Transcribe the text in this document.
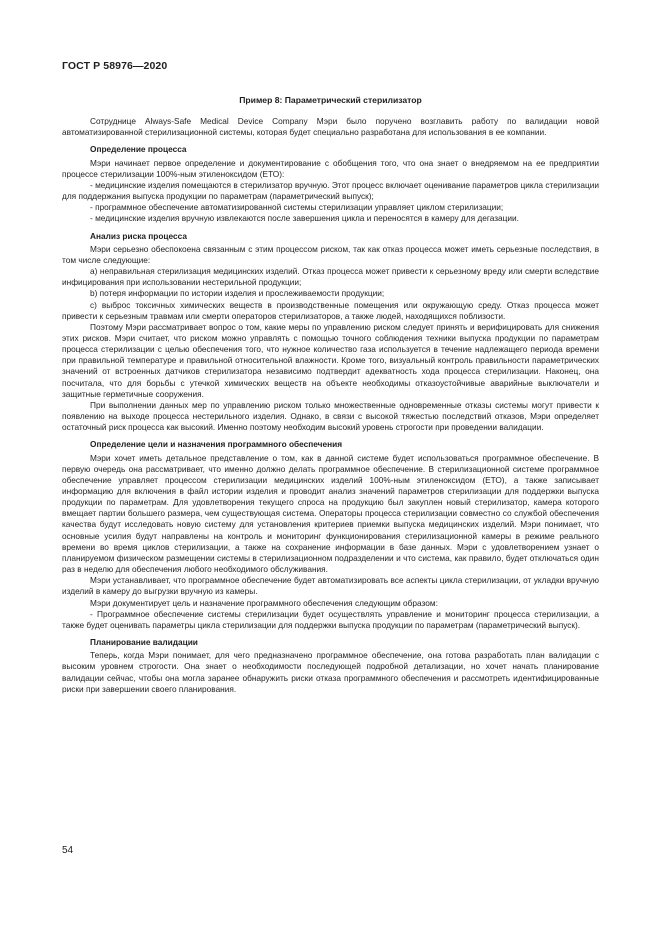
ГОСТ Р 58976—2020
Пример 8: Параметрический стерилизатор

Сотруднице Always-Safe Medical Device Company Мэри было поручено возглавить работу по валидации новой автоматизированной стерилизационной системы, которая будет специально разработана для использования в ее компании.

Определение процесса

Мэри начинает первое определение и документирование с обобщения того, что она знает о внедряемом на ее предприятии процессе стерилизации 100%-ным этиленоксидом (ЕТО):

- медицинские изделия помещаются в стерилизатор вручную. Этот процесс включает оценивание параметров цикла стерилизации для поддержания выпуска продукции по параметрам (параметрический выпуск);

- программное обеспечение автоматизированной системы стерилизации управляет циклом стерилизации;

- медицинские изделия вручную извлекаются после завершения цикла и переносятся в камеру для дегазации.

Анализ риска процесса

Мэри серьезно обеспокоена связанным с этим процессом риском, так как отказ процесса может иметь серьезные последствия, в том числе следующие:

а) неправильная стерилизация медицинских изделий. Отказ процесса может привести к серьезному вреду или смерти вследствие инфицирования при использовании нестерильной продукции;

b) потеря информации по истории изделия и прослеживаемости продукции;

c) выброс токсичных химических веществ в производственные помещения или окружающую среду. Отказ процесса может привести к серьезным травмам или смерти операторов стерилизаторов, а также людей, находящихся поблизости.

Поэтому Мэри рассматривает вопрос о том, какие меры по управлению риском следует принять и верифицировать для снижения этих рисков. Мэри считает, что риском можно управлять с помощью точного соблюдения техники выпуска продукции по параметрам процесса стерилизации с целью обеспечения того, что нужное количество газа используется в течение надлежащего периода времени при правильной температуре и правильной относительной влажности. Кроме того, визуальный контроль правильности параметрических значений от встроенных датчиков стерилизатора независимо подтвердит адекватность хода процесса стерилизации. Наконец, она посчитала, что для борьбы с утечкой химических веществ на объекте необходимы отказоустойчивые аварийные выключатели и защитные герметичные сооружения.

При выполнении данных мер по управлению риском только множественные одновременные отказы системы могут привести к появлению на выходе процесса нестерильного изделия. Однако, в связи с высокой тяжестью последствий отказов, Мэри определяет остаточный риск процесса как высокий. Именно поэтому необходим высокий уровень строгости при проведении валидации.

Определение цели и назначения программного обеспечения

Мэри хочет иметь детальное представление о том, как в данной системе будет использоваться программное обеспечение. В первую очередь она рассматривает, что именно должно делать программное обеспечение. В стерилизационной системе программное обеспечение управляет процессом стерилизации медицинских изделий 100%-ным этиленоксидом (ЕТО), а также записывает информацию для включения в файл истории изделия и проводит анализ значений параметров стерилизации для поддержки выпуска продукции по параметрам. Для удовлетворения текущего спроса на продукцию был закуплен новый стерилизатор, камера которого вмещает партии большего размера, чем существующая система. Операторы процесса стерилизации совместно со службой обеспечения качества будут исследовать новую систему для установления критериев приемки выпуска медицинских изделий. Мэри понимает, что основные усилия будут направлены на контроль и мониторинг функционирования стерилизационной камеры в режиме реального времени во время циклов стерилизации, а также на сохранение информации в базе данных. Мэри с удовлетворением узнает о планируемом физическом размещении системы в стерилизационном подразделении и что система, как правило, будет отключаться один раз в неделю для обеспечения любого необходимого обслуживания.

Мэри устанавливает, что программное обеспечение будет автоматизировать все аспекты цикла стерилизации, от укладки вручную изделий в камеру до выгрузки вручную из камеры.

Мэри документирует цель и назначение программного обеспечения следующим образом:

- Программное обеспечение системы стерилизации будет осуществлять управление и мониторинг процесса стерилизации, а также будет оценивать параметры цикла стерилизации для поддержки выпуска продукции по параметрам (параметрический выпуск).

Планирование валидации

Теперь, когда Мэри понимает, для чего предназначено программное обеспечение, она готова разработать план валидации с высоким уровнем строгости. Она знает о необходимости последующей подробной детализации, но хочет начать планирование валидации сейчас, чтобы она могла заранее обнаружить риски отказа программного обеспечения и рассмотреть идентифицированные риски при завершении своего планирования.

54
